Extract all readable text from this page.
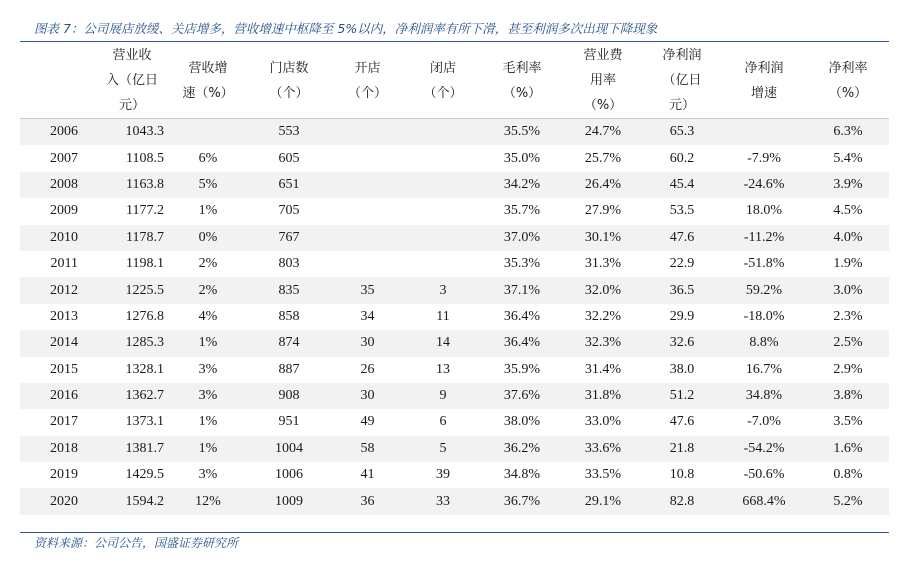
图表 7：公司展店放缓、关店增多，营收增速中枢降至 5%以内，净利润率有所下滑，甚至利润多次出现下降现象

	营业收
入（亿日
元）	营收增
速（%）	门店数
（个）	开店
（个）	闭店
（个）	毛利率
（%）	营业费
用率
（%）	净利润
（亿日
元）	净利润
增速	净利率
（%）

2006	1043.3		553			35.5%	24.7%	65.3		6.3%
2007	1108.5	6%	605			35.0%	25.7%	60.2	-7.9%	5.4%
2008	1163.8	5%	651			34.2%	26.4%	45.4	-24.6%	3.9%
2009	1177.2	1%	705			35.7%	27.9%	53.5	18.0%	4.5%
2010	1178.7	0%	767			37.0%	30.1%	47.6	-11.2%	4.0%
2011	1198.1	2%	803			35.3%	31.3%	22.9	-51.8%	1.9%
2012	1225.5	2%	835	35	3	37.1%	32.0%	36.5	59.2%	3.0%
2013	1276.8	4%	858	34	11	36.4%	32.2%	29.9	-18.0%	2.3%
2014	1285.3	1%	874	30	14	36.4%	32.3%	32.6	8.8%	2.5%
2015	1328.1	3%	887	26	13	35.9%	31.4%	38.0	16.7%	2.9%
2016	1362.7	3%	908	30	9	37.6%	31.8%	51.2	34.8%	3.8%
2017	1373.1	1%	951	49	6	38.0%	33.0%	47.6	-7.0%	3.5%
2018	1381.7	1%	1004	58	5	36.2%	33.6%	21.8	-54.2%	1.6%
2019	1429.5	3%	1006	41	39	34.8%	33.5%	10.8	-50.6%	0.8%
2020	1594.2	12%	1009	36	33	36.7%	29.1%	82.8	668.4%	5.2%
资料来源：公司公告，国盛证券研究所
